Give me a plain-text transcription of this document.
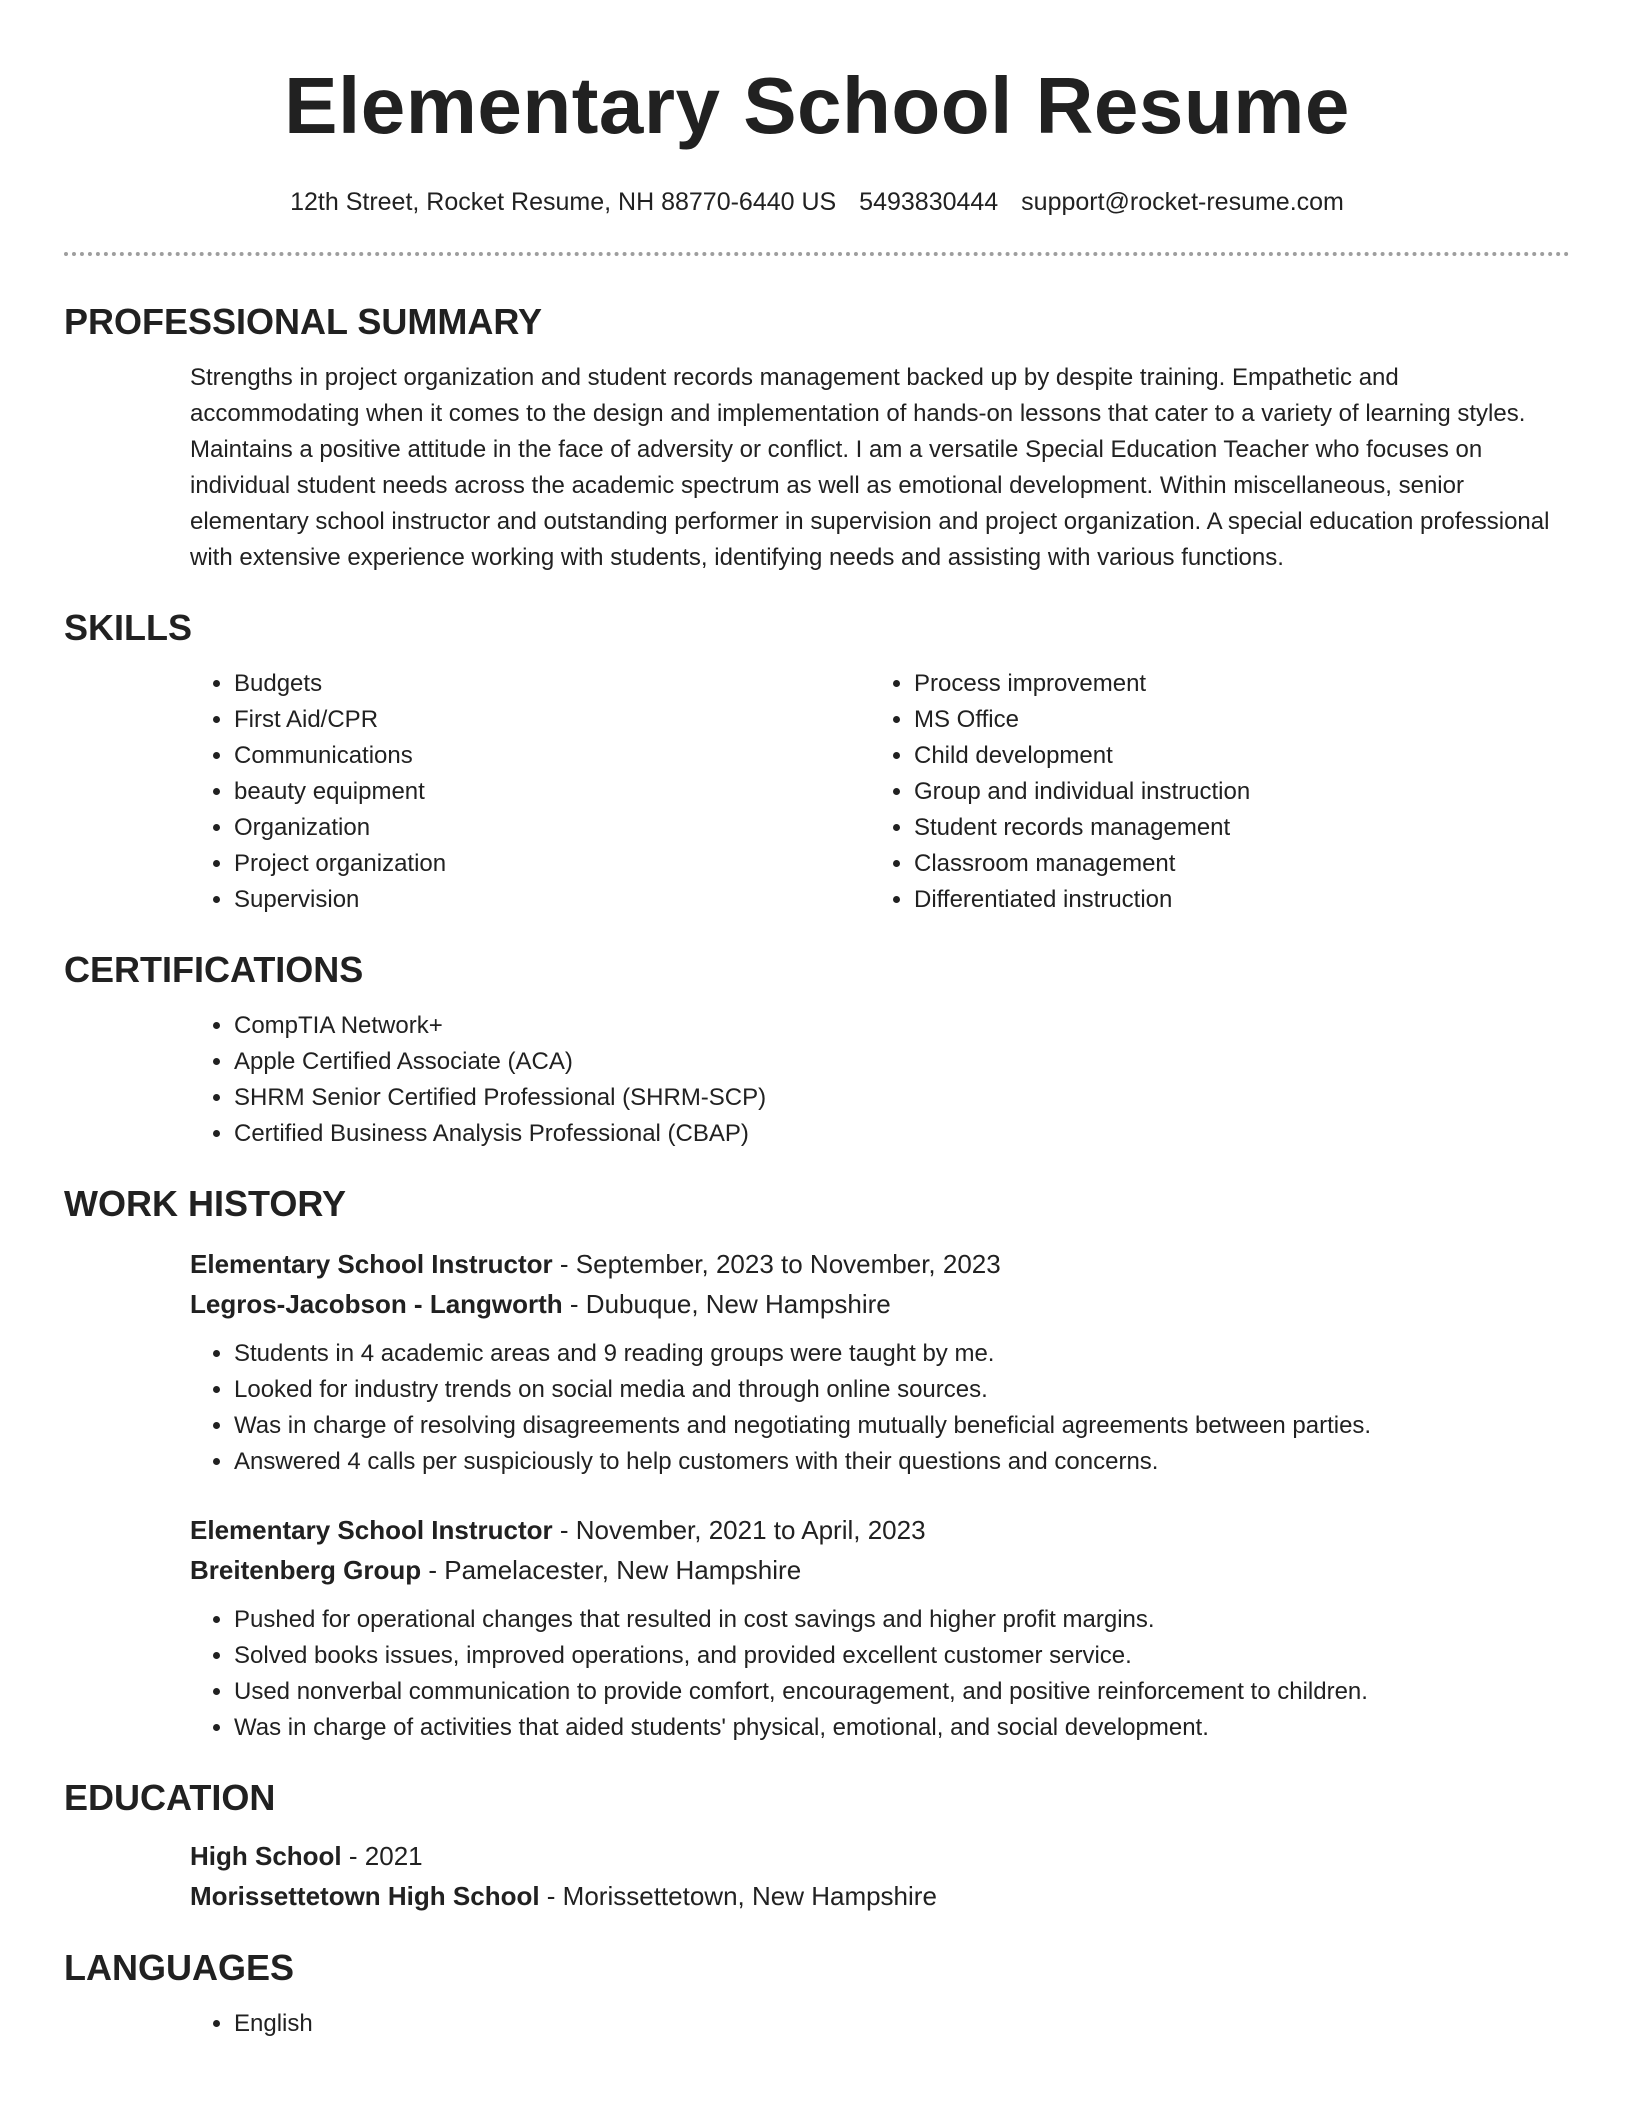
Elementary School Resume
12th Street, Rocket Resume, NH 88770-6440 US 5493830444 support@rocket-resume.com
PROFESSIONAL SUMMARY
Strengths in project organization and student records management backed up by despite training. Empathetic and accommodating when it comes to the design and implementation of hands-on lessons that cater to a variety of learning styles. Maintains a positive attitude in the face of adversity or conflict. I am a versatile Special Education Teacher who focuses on individual student needs across the academic spectrum as well as emotional development. Within miscellaneous, senior elementary school instructor and outstanding performer in supervision and project organization. A special education professional with extensive experience working with students, identifying needs and assisting with various functions.
SKILLS
• Budgets
• First Aid/CPR
• Communications
• beauty equipment
• Organization
• Project organization
• Supervision
• Process improvement
• MS Office
• Child development
• Group and individual instruction
• Student records management
• Classroom management
• Differentiated instruction
CERTIFICATIONS
• CompTIA Network+
• Apple Certified Associate (ACA)
• SHRM Senior Certified Professional (SHRM-SCP)
• Certified Business Analysis Professional (CBAP)
WORK HISTORY
Elementary School Instructor - September, 2023 to November, 2023
Legros-Jacobson - Langworth - Dubuque, New Hampshire
• Students in 4 academic areas and 9 reading groups were taught by me.
• Looked for industry trends on social media and through online sources.
• Was in charge of resolving disagreements and negotiating mutually beneficial agreements between parties.
• Answered 4 calls per suspiciously to help customers with their questions and concerns.
Elementary School Instructor - November, 2021 to April, 2023
Breitenberg Group - Pamelacester, New Hampshire
• Pushed for operational changes that resulted in cost savings and higher profit margins.
• Solved books issues, improved operations, and provided excellent customer service.
• Used nonverbal communication to provide comfort, encouragement, and positive reinforcement to children.
• Was in charge of activities that aided students' physical, emotional, and social development.
EDUCATION
High School - 2021
Morissettetown High School - Morissettetown, New Hampshire
LANGUAGES
• English
